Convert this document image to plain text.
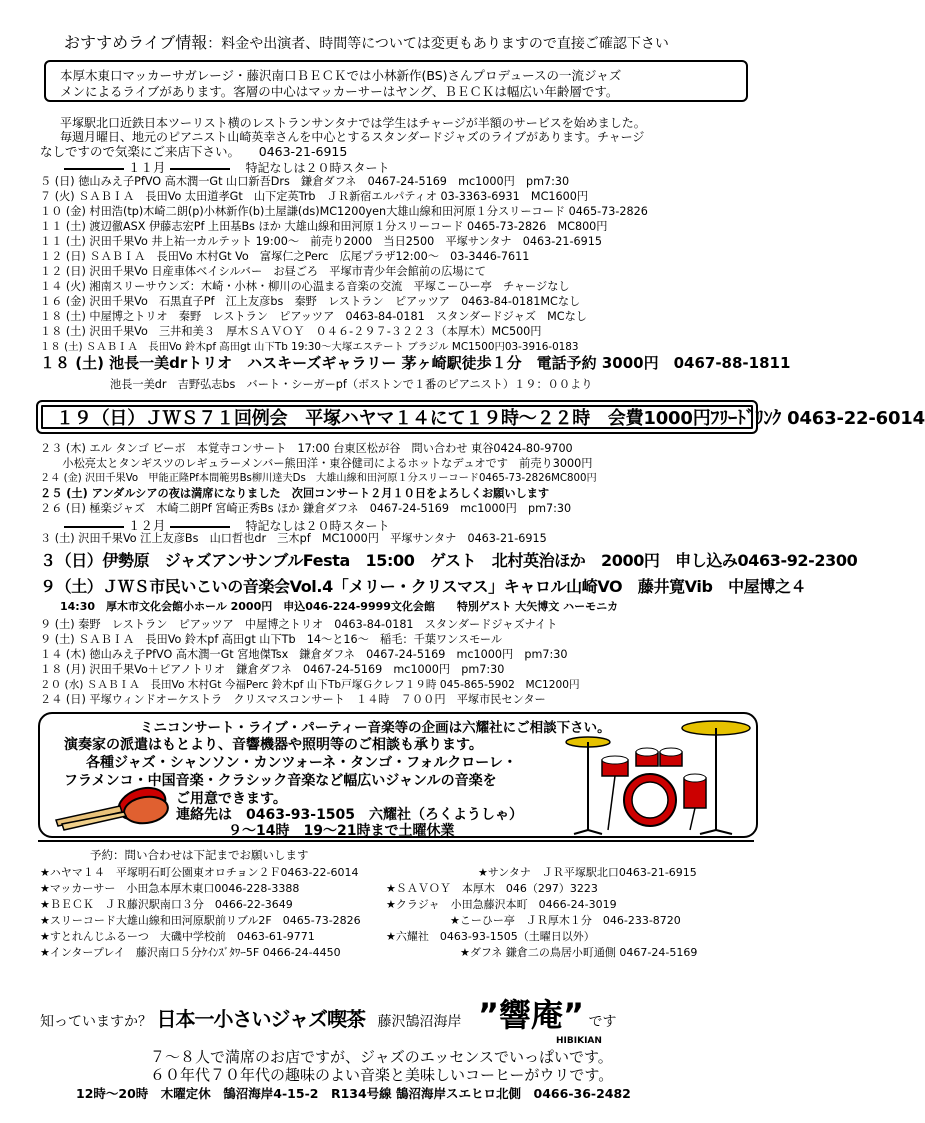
おすすめライブ情報：料金や出演者、時間等については変更もありますので直接ご確認下さい
本厚木東口マッカーサガレージ・藤沢南口ＢＥＣＫでは小林新作(BS)さんプロデュースの一流ジャズ
メンによるライブがあります。客層の中心はマッカーサーはヤング、ＢＥＣＫは幅広い年齢層です。
平塚駅北口近鉄日本ツーリスト横のレストランサンタナでは学生はチャージが半額のサービスを始めました。
毎週月曜日、地元のピアニスト山崎英幸さんを中心とするスタンダードジャズのライブがあります。チャージ
なしですので気楽にご来店下さい。　　0463-21-6915
１１月	特記なしは２０時スタート
５ (日) 徳山みえ子PfVO 高木潤一Gt 山口新吾Drs　鎌倉ダフネ　0467-24-5169　mc1000円　pm7:30
７ (火) ＳＡＢＩＡ　長田Vo 太田道孝Gt　山下定英Trb　ＪＲ新宿エルパティオ 03-3363-6931　MC1600円
１０ (金) 村田浩(tp)木崎二朗(p)小林新作(b)土屋謙(ds)MC1200yen大雄山線和田河原１分スリーコード 0465-73-2826
１１ (土) 渡辺徹ASX 伊藤志宏Pf 上田基Bs ほか 大雄山線和田河原１分スリーコード 0465-73-2826　MC800円
１１ (土) 沢田千果Vo 井上祐一カルテット 19:00～　前売り2000　当日2500　平塚サンタナ　0463-21-6915
１２ (日) ＳＡＢＩＡ　長田Vo 木村Gt Vo　富塚仁之Perc　広尾プラザ12:00～　03-3446-7611
１２ (日) 沢田千果Vo 日産車体ベイシルバー　お昼ごろ　平塚市青少年会館前の広場にて
１４ (火) 湘南スリーサウンズ：木崎・小林・柳川の心温まる音楽の交流　平塚こーひー亭　チャージなし
１６ (金) 沢田千果Vo　石黒直子Pf　江上友彦bs　秦野　レストラン　ピアッツア　0463-84-0181MCなし
１８ (土) 中屋博之トリオ　秦野　レストラン　ピアッツア　0463-84-0181　スタンダードジャズ　MCなし
１８ (土) 沢田千果Vo　三井和美３　厚木ＳＡＶＯＹ　０４６-２９７-３２２３（本厚木）MC500円
１８ (土) ＳＡＢＩＡ　長田Vo 鈴木pf 高田gt 山下Tb 19:30～大塚エステート ブラジル MC1500円03-3916-0183
１８ (土) 池長一美drトリオ　ハスキーズギャラリー 茅ヶ崎駅徒歩１分　電話予約 3000円　0467-88-1811
池長一美dr　吉野弘志bs　バート・シーガーpf（ボストンで１番のピアニスト）１９：００より
１９（日）ＪＷＳ７１回例会　平塚ハヤマ１４にて１９時～２２時　会費1000円ﾌﾘｰﾄﾞﾘﾝｸ 0463-22-6014
２３ (木) エル タンゴ ビーボ　本覚寺コンサート　17:00 台東区松が谷　問い合わせ 東谷0424-80-9700
　　小松亮太とタンギスツのレギュラーメンバー熊田洋・東谷健司によるホットなデュオです　前売り3000円
２４ (金) 沢田千果Vo　甲能正隆Pf本間範男Bs柳川達夫Ds　大雄山線和田河原１分スリーコード0465-73-2826MC800円
２５ (土) アンダルシアの夜は満席になりました　次回コンサート２月１０日をよろしくお願いします
２６ (日) 極楽ジャズ　木崎二朗Pf 宮崎正秀Bs ほか 鎌倉ダフネ　0467-24-5169　mc1000円　pm7:30
１２月	特記なしは２０時スタート
３ (土) 沢田千果Vo 江上友彦Bs　山口哲也dr　三木pf　MC1000円　平塚サンタナ　0463-21-6915
３（日）伊勢原　ジャズアンサンブルFesta　15:00　ゲスト　北村英治ほか　2000円　申し込み0463-92-2300
９（土）ＪＷＳ市民いこいの音楽会Vol.4「メリー・クリスマス」キャロル山崎VO　藤井寛Vib　中屋博之４
14:30　厚木市文化会館小ホール 2000円　申込046-224-9999文化会館　　特別ゲスト 大矢博文 ハーモニカ
９ (土) 秦野　レストラン　ピアッツア　中屋博之トリオ　0463-84-0181　スタンダードジャズナイト
９ (土) ＳＡＢＩＡ　長田Vo 鈴木pf 高田gt 山下Tb　14～と16～　稲毛：千葉ワンスモール
１４ (木) 徳山みえ子PfVO 高木潤一Gt 宮地傑Tsx　鎌倉ダフネ　0467-24-5169　mc1000円　pm7:30
１８ (月) 沢田千果Vo＋ピアノトリオ　鎌倉ダフネ　0467-24-5169　mc1000円　pm7:30
２０ (水) ＳＡＢＩＡ　長田Vo 木村Gt 今福Perc 鈴木pf 山下Tb戸塚Ｇクレフ１９時 045-865-5902　MC1200円
２４ (日) 平塚ウィンドオーケストラ　クリスマスコンサート　１４時　７００円　平塚市民センター
ミニコンサート・ライブ・パーティー音楽等の企画は六耀社にご相談下さい。
演奏家の派遣はもとより、音響機器や照明等のご相談も承ります。
各種ジャズ・シャンソン・カンツォーネ・タンゴ・フォルクローレ・
フラメンコ・中国音楽・クラシック音楽など幅広いジャンルの音楽を
ご用意できます。
連絡先は　0463-93-1505　六耀社（ろくようしゃ）
９～14時　19～21時まで土曜休業
予約：問い合わせは下記までお願いします
★ハヤマ１４　平塚明石町公園東オロチョン２Ｆ0463-22-6014	★サンタナ　ＪＲ平塚駅北口0463-21-6915
★マッカーサー　小田急本厚木東口0046-228-3388	★ＳＡＶＯＹ　本厚木　046（297）3223
★ＢＥＣＫ　ＪＲ藤沢駅南口３分　0466-22-3649	★クラジャ　小田急藤沢本町　0466-24-3019
★スリーコード大雄山線和田河原駅前リブル2F　0465-73-2826	★こーひー亭　ＪＲ厚木１分　046-233-8720
★すとれんじふるーつ　大磯中学校前　0463-61-9771	★六耀社　0463-93-1505（土曜日以外）
★インタープレイ　藤沢南口５分ｹｲﾝｽﾞﾀﾜｰ5F 0466-24-4450	★ダフネ 鎌倉二の鳥居小町通側 0467-24-5169
知っていますか？ 日本一小さいジャズ喫茶 藤沢鵠沼海岸 ”響庵” です
HIBIKIAN
７～８人で満席のお店ですが、ジャズのエッセンスでいっぱいです。
６０年代７０年代の趣味のよい音楽と美味しいコーヒーがウリです。
12時～20時　木曜定休　鵠沼海岸4-15-2　R134号線 鵠沼海岸スエヒロ北側　0466-36-2482
